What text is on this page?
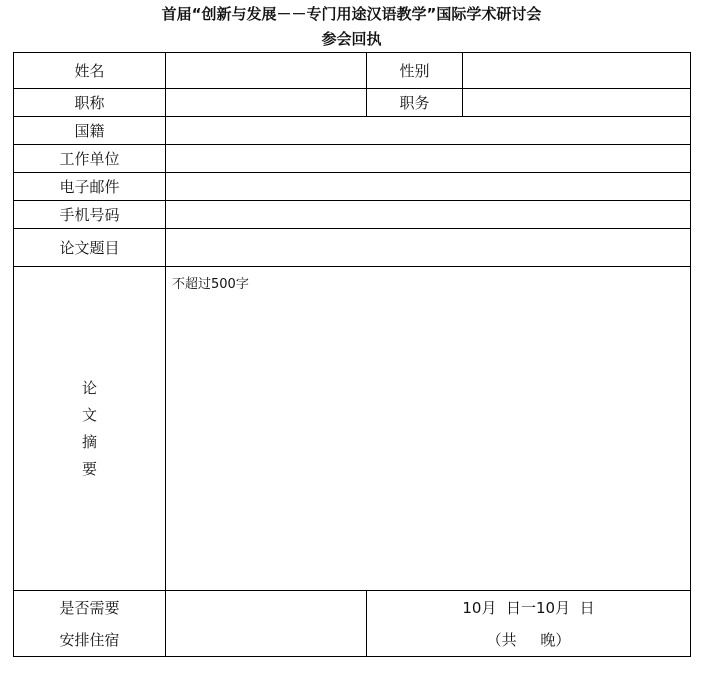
首届“创新与发展－－专门用途汉语教学”国际学术研讨会
参会回执
姓名		性别	
职称		职务	
国籍			
工作单位			
电子邮件			
手机号码			
论文题目			

论
文
摘
要	不超过500字		

是否需要
安排住宿		10月  日一10月  日
（共     晚）	
